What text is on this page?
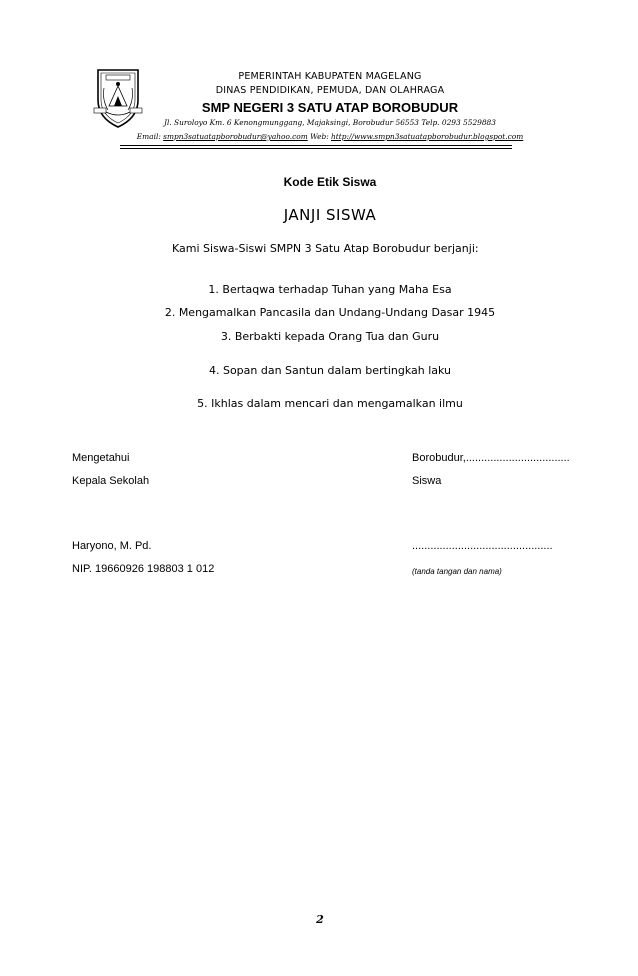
PEMERINTAH KABUPATEN MAGELANG
DINAS PENDIDIKAN, PEMUDA, DAN OLAHRAGA
SMP NEGERI 3 SATU ATAP BOROBUDUR
Jl. Suroloyo Km. 6 Kenongmunggang, Majaksingi, Borobudur 56553 Telp. 0293 5529883
Email: smpn3satuatapborobudur@yahoo.com Web: http://www.smpn3satuatapborobudur.blogspot.com
Kode Etik Siswa
JANJI SISWA
Kami Siswa-Siswi SMPN 3 Satu Atap Borobudur berjanji:
1. Bertaqwa terhadap Tuhan yang Maha Esa
2. Mengamalkan Pancasila dan Undang-Undang Dasar 1945
3. Berbakti kepada Orang Tua dan Guru
4. Sopan dan Santun dalam bertingkah laku
5. Ikhlas dalam mencari dan mengamalkan ilmu
Mengetahui
Kepala Sekolah
Haryono, M. Pd.
NIP. 19660926 198803 1 012
Borobudur,..................................
Siswa
..............................................
(tanda tangan dan nama)
2
